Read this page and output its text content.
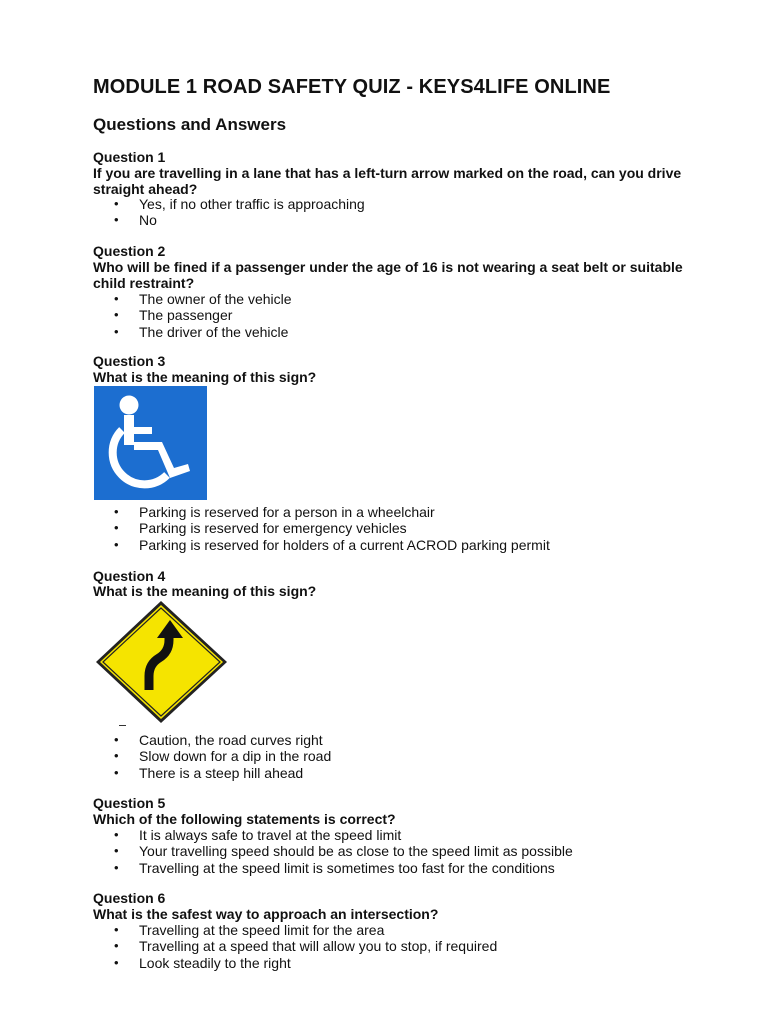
MODULE 1 ROAD SAFETY QUIZ - KEYS4LIFE ONLINE
Questions and Answers
Question 1
If you are travelling in a lane that has a left-turn arrow marked on the road, can you drive straight ahead?
• Yes, if no other traffic is approaching
• No
Question 2
Who will be fined if a passenger under the age of 16 is not wearing a seat belt or suitable child restraint?
• The owner of the vehicle
• The passenger
• The driver of the vehicle
Question 3
What is the meaning of this sign?
• Parking is reserved for a person in a wheelchair
• Parking is reserved for emergency vehicles
• Parking is reserved for holders of a current ACROD parking permit
Question 4
What is the meaning of this sign?
• Caution, the road curves right
• Slow down for a dip in the road
• There is a steep hill ahead
Question 5
Which of the following statements is correct?
• It is always safe to travel at the speed limit
• Your travelling speed should be as close to the speed limit as possible
• Travelling at the speed limit is sometimes too fast for the conditions
Question 6
What is the safest way to approach an intersection?
• Travelling at the speed limit for the area
• Travelling at a speed that will allow you to stop, if required
• Look steadily to the right
